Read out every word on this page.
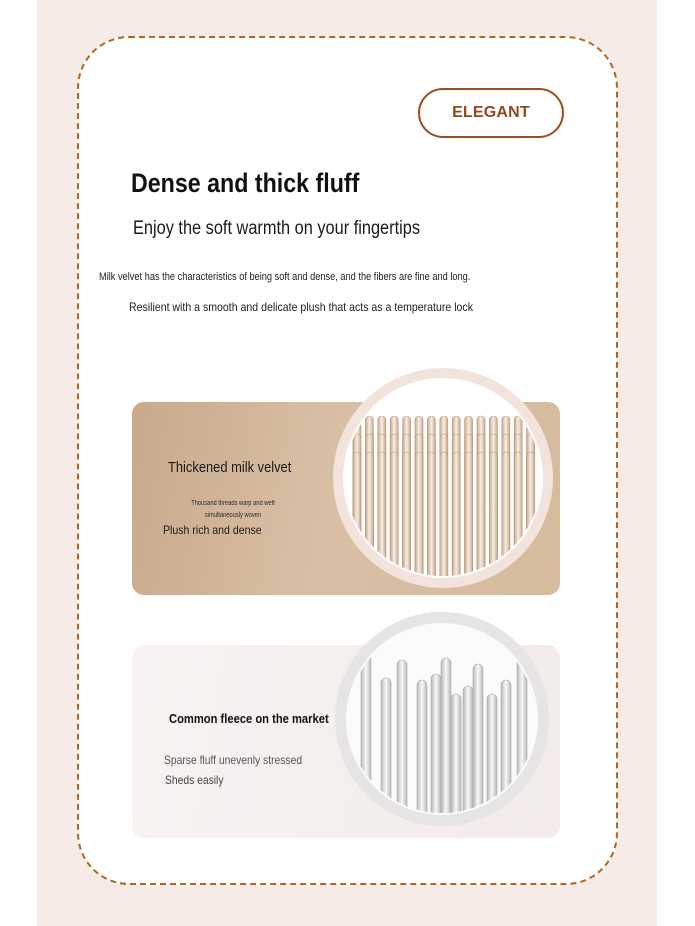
ELEGANT
Dense and thick fluff
Enjoy the soft warmth on your fingertips
Milk velvet has the characteristics of being soft and dense, and the fibers are fine and long.
Resilient with a smooth and delicate plush that acts as a temperature lock
Thickened milk velvet
Thousand threads warp and weft simultaneously woven
Plush rich and dense
Common fleece on the market
Sparse fluff unevenly stressed
Sheds easily
